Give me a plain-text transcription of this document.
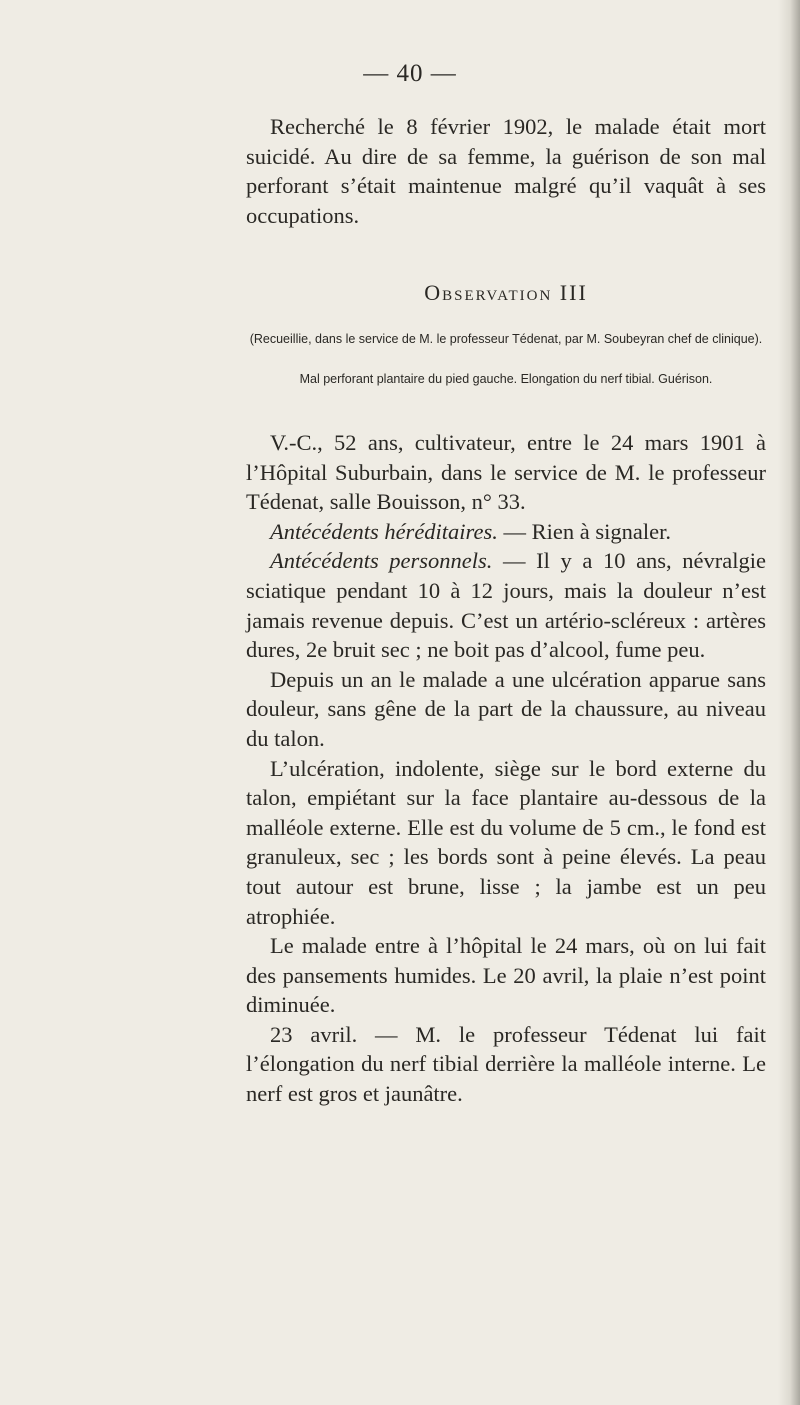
— 40 —
Recherché le 8 février 1902, le malade était mort suicidé. Au dire de sa femme, la guérison de son mal perforant s’était maintenue malgré qu’il vaquât à ses occupations.
Observation III
(Recueillie, dans le service de M. le professeur Tédenat, par M. Soubeyran chef de clinique).
Mal perforant plantaire du pied gauche. Elongation du nerf tibial. Guérison.

V.-C., 52 ans, cultivateur, entre le 24 mars 1901 à l’Hôpital Suburbain, dans le service de M. le professeur Tédenat, salle Bouisson, n° 33.

Antécédents héréditaires. — Rien à signaler.

Antécédents personnels. — Il y a 10 ans, névralgie sciatique pendant 10 à 12 jours, mais la douleur n’est jamais revenue depuis. C’est un artério-scléreux : artères dures, 2e bruit sec ; ne boit pas d’alcool, fume peu.

Depuis un an le malade a une ulcération apparue sans douleur, sans gêne de la part de la chaussure, au niveau du talon.

L’ulcération, indolente, siège sur le bord externe du talon, empiétant sur la face plantaire au-dessous de la malléole externe. Elle est du volume de 5 cm., le fond est granuleux, sec ; les bords sont à peine élevés. La peau tout autour est brune, lisse ; la jambe est un peu atrophiée.

Le malade entre à l’hôpital le 24 mars, où on lui fait des pansements humides. Le 20 avril, la plaie n’est point diminuée.

23 avril. — M. le professeur Tédenat lui fait l’élongation du nerf tibial derrière la malléole interne. Le nerf est gros et jaunâtre.
